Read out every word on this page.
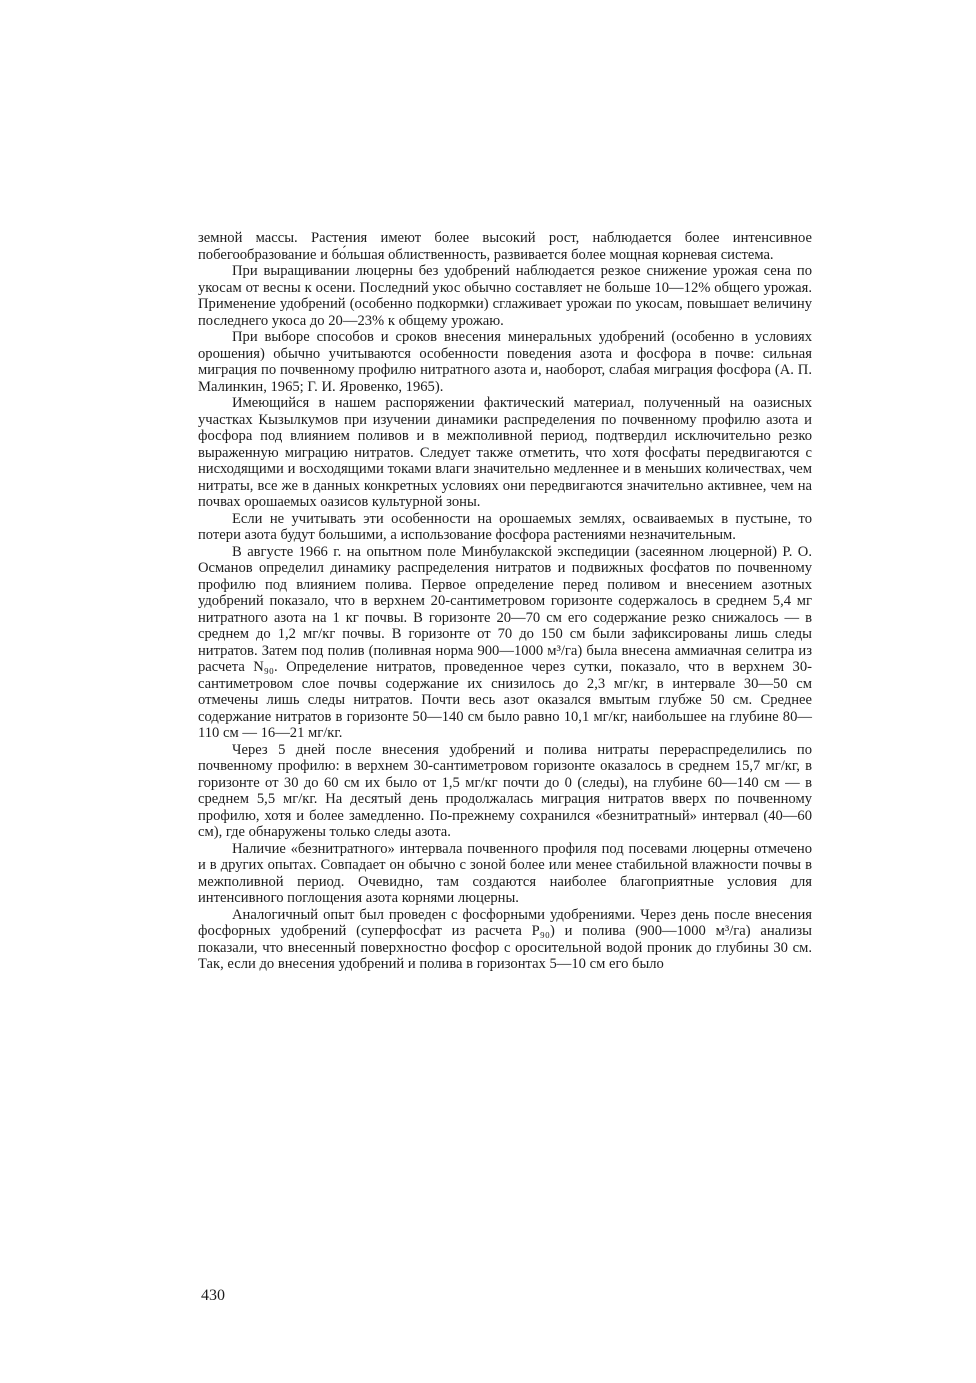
земной массы. Растения имеют более высокий рост, наблюдается более интенсивное побегообразование и бо́льшая облиственность, развивается более мощная корневая система.

При выращивании люцерны без удобрений наблюдается резкое снижение урожая сена по укосам от весны к осени. Последний укос обычно составляет не больше 10—12% общего урожая. Применение удобрений (особенно подкормки) сглаживает урожаи по укосам, повышает величину последнего укоса до 20—23% к общему урожаю.

При выборе способов и сроков внесения минеральных удобрений (особенно в условиях орошения) обычно учитываются особенности поведения азота и фосфора в почве: сильная миграция по почвенному профилю нитратного азота и, наоборот, слабая миграция фосфора (А. П. Малинкин, 1965; Г. И. Яровенко, 1965).

Имеющийся в нашем распоряжении фактический материал, полученный на оазисных участках Кызылкумов при изучении динамики распределения по почвенному профилю азота и фосфора под влиянием поливов и в межполивной период, подтвердил исключительно резко выраженную миграцию нитратов. Следует также отметить, что хотя фосфаты передвигаются с нисходящими и восходящими токами влаги значительно медленнее и в меньших количествах, чем нитраты, все же в данных конкретных условиях они передвигаются значительно активнее, чем на почвах орошаемых оазисов культурной зоны.

Если не учитывать эти особенности на орошаемых землях, осваиваемых в пустыне, то потери азота будут большими, а использование фосфора растениями незначительным.

В августе 1966 г. на опытном поле Минбулакской экспедиции (засеянном люцерной) Р. О. Османов определил динамику распределения нитратов и подвижных фосфатов по почвенному профилю под влиянием полива. Первое определение перед поливом и внесением азотных удобрений показало, что в верхнем 20-сантиметровом горизонте содержалось в среднем 5,4 мг нитратного азота на 1 кг почвы. В горизонте 20—70 см его содержание резко снижалось — в среднем до 1,2 мг/кг почвы. В горизонте от 70 до 150 см были зафиксированы лишь следы нитратов. Затем под полив (поливная норма 900—1000 м³/га) была внесена аммиачная селитра из расчета N₉₀. Определение нитратов, проведенное через сутки, показало, что в верхнем 30-сантиметровом слое почвы содержание их снизилось до 2,3 мг/кг, в интервале 30—50 см отмечены лишь следы нитратов. Почти весь азот оказался вмытым глубже 50 см. Среднее содержание нитратов в горизонте 50—140 см было равно 10,1 мг/кг, наибольшее на глубине 80—110 см — 16—21 мг/кг.

Через 5 дней после внесения удобрений и полива нитраты перераспределились по почвенному профилю: в верхнем 30-сантиметровом горизонте оказалось в среднем 15,7 мг/кг, в горизонте от 30 до 60 см их было от 1,5 мг/кг почти до 0 (следы), на глубине 60—140 см — в среднем 5,5 мг/кг. На десятый день продолжалась миграция нитратов вверх по почвенному профилю, хотя и более замедленно. По-прежнему сохранился «безнитратный» интервал (40—60 см), где обнаружены только следы азота.

Наличие «безнитратного» интервала почвенного профиля под посевами люцерны отмечено и в других опытах. Совпадает он обычно с зоной более или менее стабильной влажности почвы в межполивной период. Очевидно, там создаются наиболее благоприятные условия для интенсивного поглощения азота корнями люцерны.

Аналогичный опыт был проведен с фосфорными удобрениями. Через день после внесения фосфорных удобрений (суперфосфат из расчета P₉₀) и полива (900—1000 м³/га) анализы показали, что внесенный поверхностно фосфор с оросительной водой проник до глубины 30 см. Так, если до внесения удобрений и полива в горизонтах 5—10 см его было

430
